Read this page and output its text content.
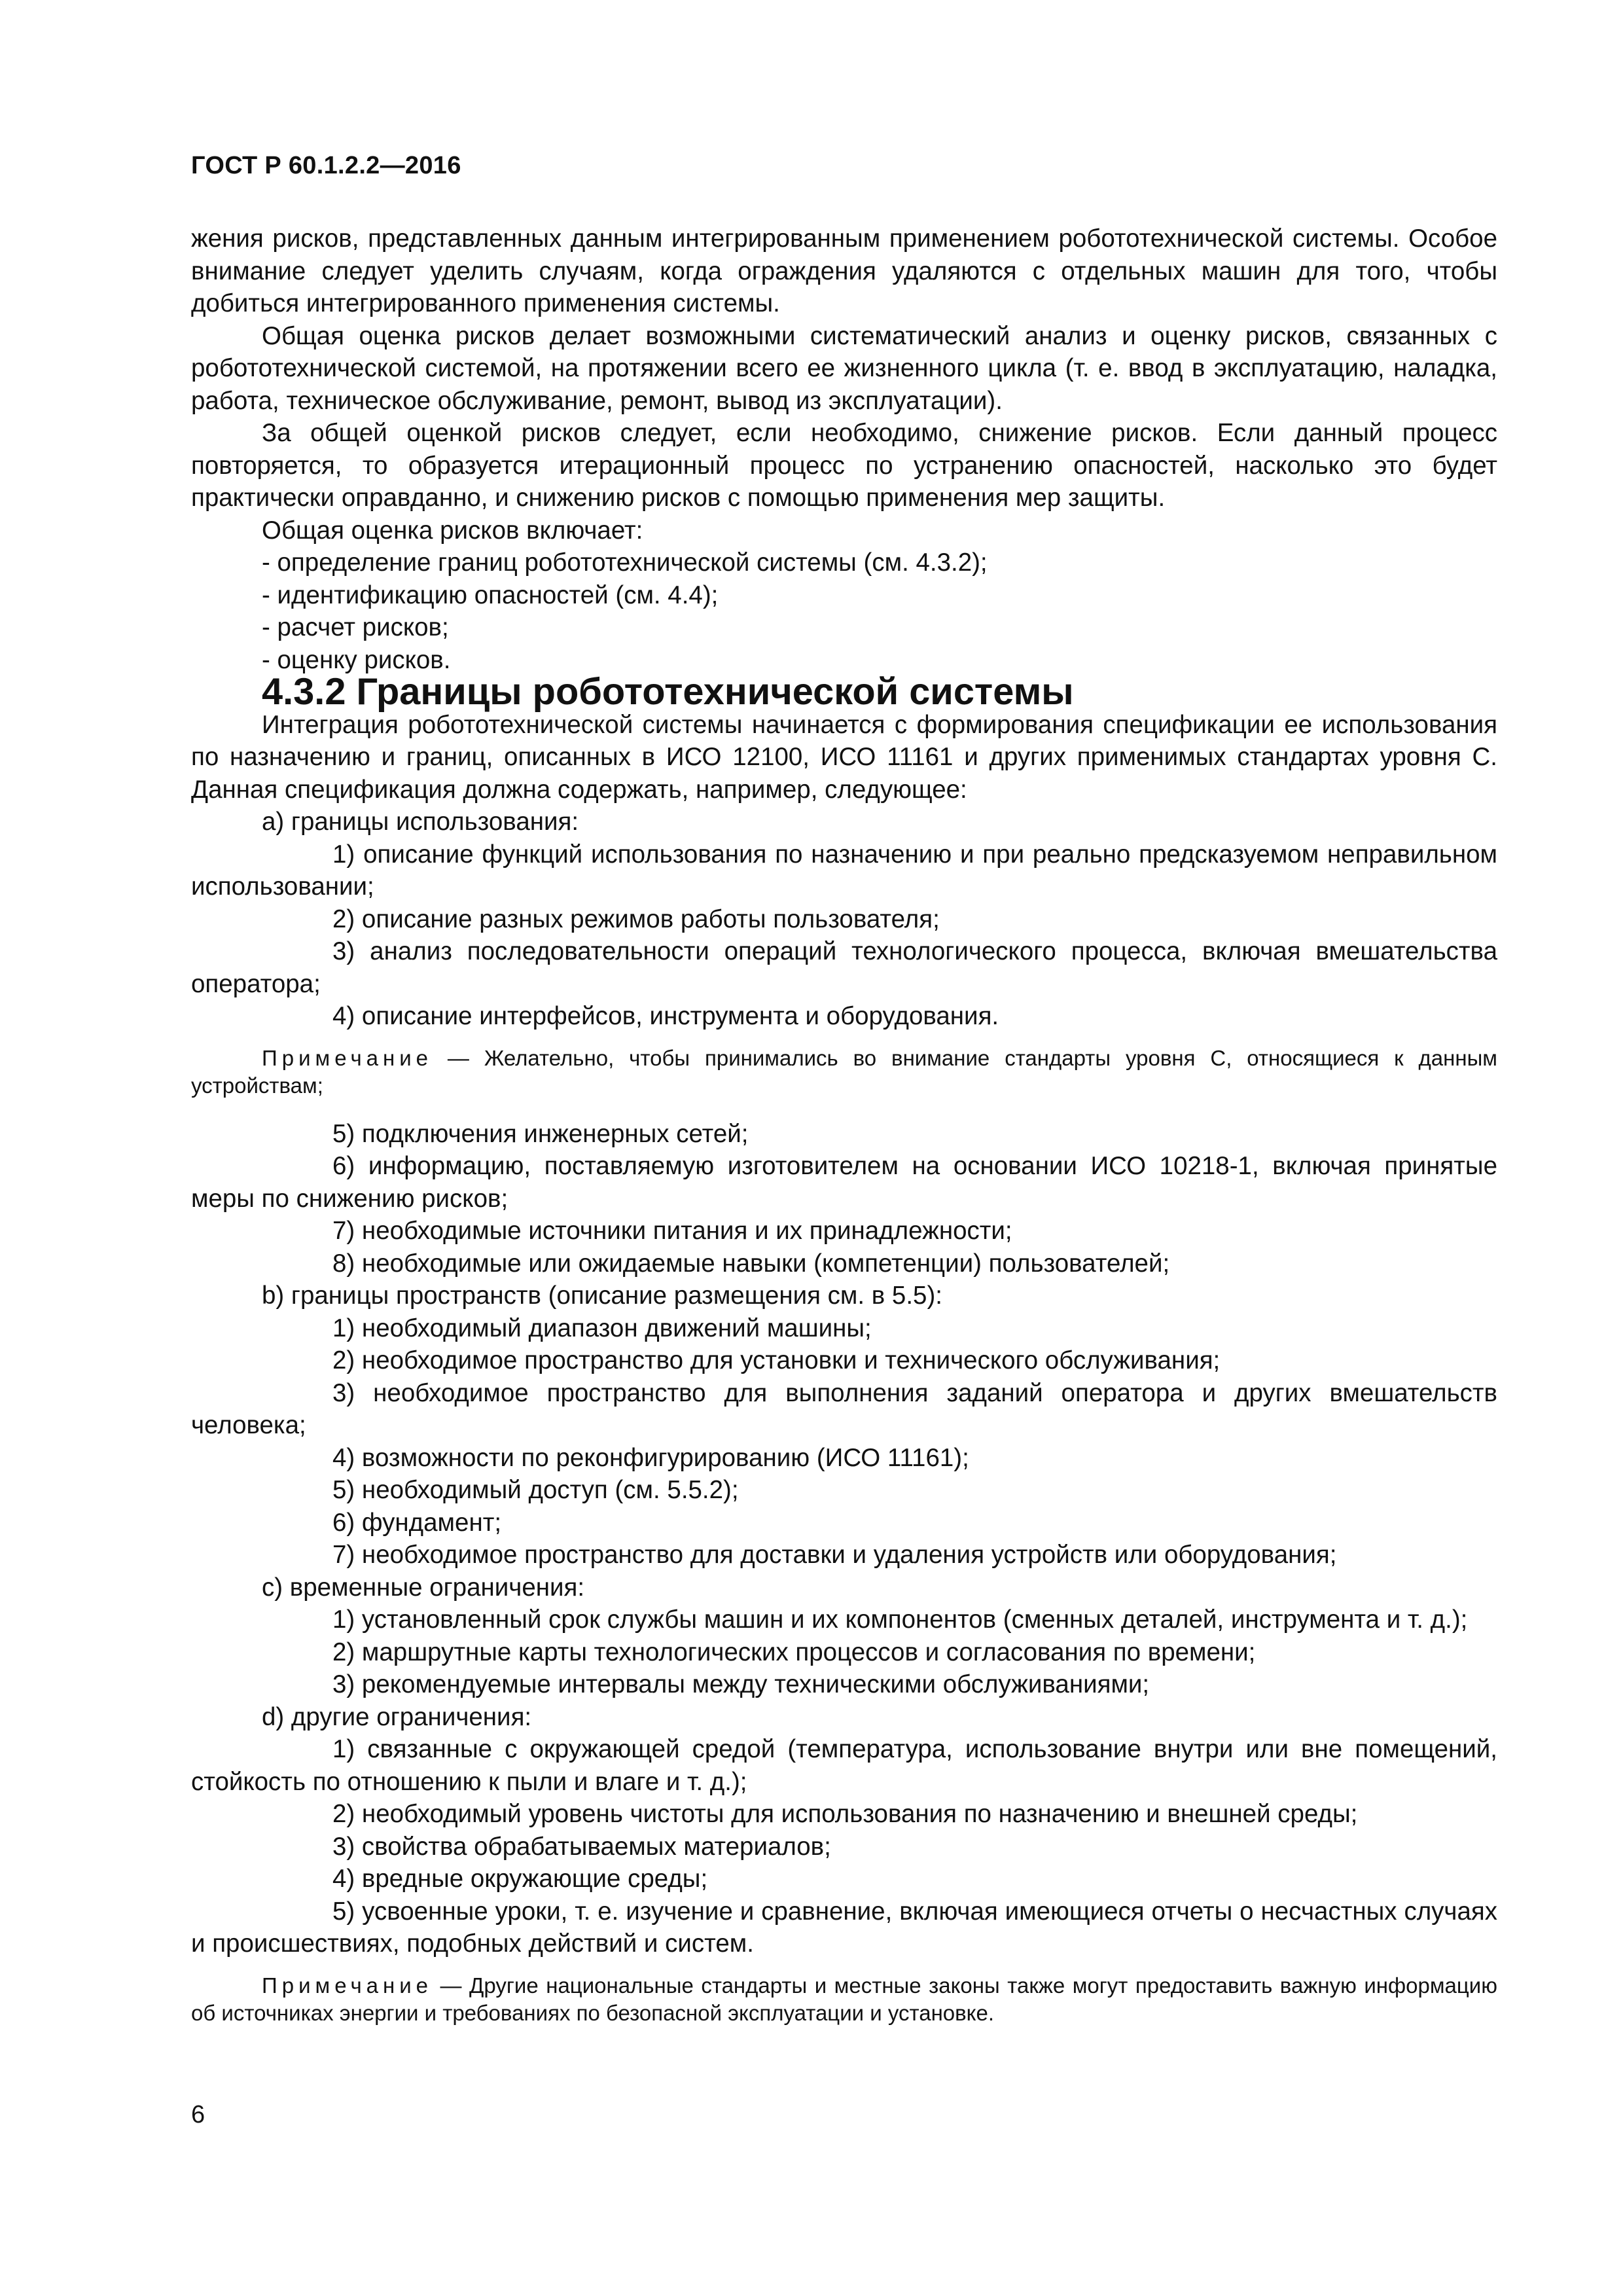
ГОСТ Р 60.1.2.2—2016

жения рисков, представленных данным интегрированным применением робототехнической системы. Особое внимание следует уделить случаям, когда ограждения удаляются с отдельных машин для того, чтобы добиться интегрированного применения системы.

Общая оценка рисков делает возможными систематический анализ и оценку рисков, связанных с робототехнической системой, на протяжении всего ее жизненного цикла (т. е. ввод в эксплуатацию, наладка, работа, техническое обслуживание, ремонт, вывод из эксплуатации).

За общей оценкой рисков следует, если необходимо, снижение рисков. Если данный процесс повторяется, то образуется итерационный процесс по устранению опасностей, насколько это будет практически оправданно, и снижению рисков с помощью применения мер защиты.

Общая оценка рисков включает:

- определение границ робототехнической системы (см. 4.3.2);

- идентификацию опасностей (см. 4.4);

- расчет рисков;

- оценку рисков.

4.3.2 Границы робототехнической системы

Интеграция робототехнической системы начинается с формирования спецификации ее использования по назначению и границ, описанных в ИСО 12100, ИСО 11161 и других применимых стандартах уровня С. Данная спецификация должна содержать, например, следующее:

а) границы использования:

1) описание функций использования по назначению и при реально предсказуемом неправильном использовании;

2) описание разных режимов работы пользователя;

3) анализ последовательности операций технологического процесса, включая вмешательства оператора;

4) описание интерфейсов, инструмента и оборудования.

Примечание — Желательно, чтобы принимались во внимание стандарты уровня С, относящиеся к данным устройствам;

5) подключения инженерных сетей;

6) информацию, поставляемую изготовителем на основании ИСО 10218-1, включая принятые меры по снижению рисков;

7) необходимые источники питания и их принадлежности;

8) необходимые или ожидаемые навыки (компетенции) пользователей;

b) границы пространств (описание размещения см. в 5.5):

1) необходимый диапазон движений машины;

2) необходимое пространство для установки и технического обслуживания;

3) необходимое пространство для выполнения заданий оператора и других вмешательств человека;

4) возможности по реконфигурированию (ИСО 11161);

5) необходимый доступ (см. 5.5.2);

6) фундамент;

7) необходимое пространство для доставки и удаления устройств или оборудования;

с) временные ограничения:

1) установленный срок службы машин и их компонентов (сменных деталей, инструмента и т. д.);

2) маршрутные карты технологических процессов и согласования по времени;

3) рекомендуемые интервалы между техническими обслуживаниями;

d) другие ограничения:

1) связанные с окружающей средой (температура, использование внутри или вне помещений, стойкость по отношению к пыли и влаге и т. д.);

2) необходимый уровень чистоты для использования по назначению и внешней среды;

3) свойства обрабатываемых материалов;

4) вредные окружающие среды;

5) усвоенные уроки, т. е. изучение и сравнение, включая имеющиеся отчеты о несчастных случаях и происшествиях, подобных действий и систем.

Примечание — Другие национальные стандарты и местные законы также могут предоставить важную информацию об источниках энергии и требованиях по безопасной эксплуатации и установке.

6
